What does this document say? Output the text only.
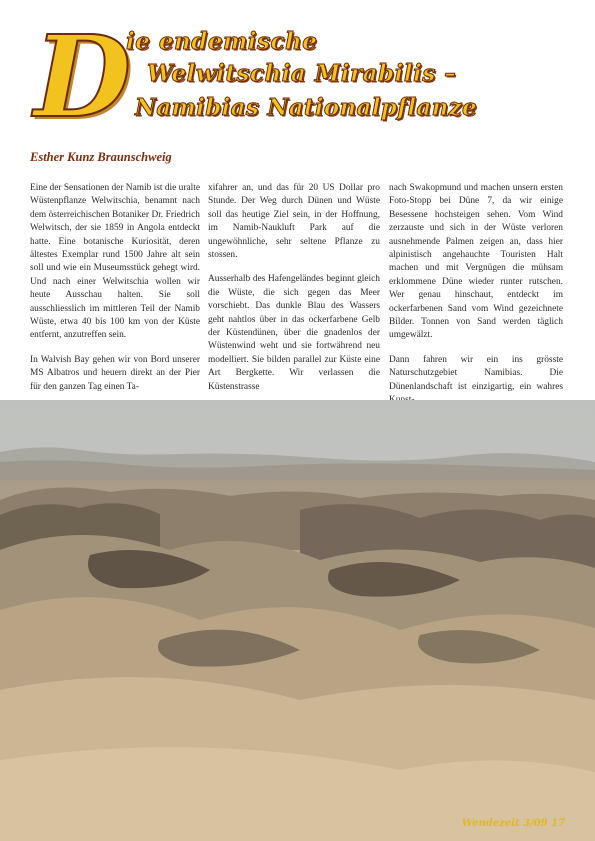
D
ie endemische
Welwitschia Mirabilis –
Namibias Nationalpflanze
Esther Kunz Braunschweig

Eine der Sensationen der Namib ist die uralte Wüstenpflanze Welwitschia, benamnt nach dem österreichischen Botaniker Dr. Friedrich Welwitsch, der sie 1859 in Angola entdeckt hatte. Eine botanische Kuriosität, deren ältestes Exemplar rund 1500 Jahre alt sein soll und wie ein Museumsstück gehegt wird. Und nach einer Welwitschia wollen wir heute Ausschau halten. Sie soll ausschliesslich im mittleren Teil der Namib Wüste, etwa 40 bis 100 km von der Küste entfernt, anzutreffen sein.

In Walvish Bay gehen wir von Bord unserer MS Albatros und heuern direkt an der Pier für den ganzen Tag einen Ta-

xifahrer an, und das für 20 US Dollar pro Stunde. Der Weg durch Dünen und Wüste soll das heutige Ziel sein, in der Hoffnung, im Namib-Naukluft Park auf die ungewöhnliche, sehr seltene Pflanze zu stossen.

Ausserhalb des Hafengeländes beginnt gleich die Wüste, die sich gegen das Meer vorschiebt. Das dunkle Blau des Wassers geht nahtlos über in das ockerfarbene Gelb der Küstendünen, über die gnadenlos der Wüstenwind weht und sie fortwährend neu modelliert. Sie bilden parallel zur Küste eine Art Bergkette. Wir verlassen die Küstenstrasse

nach Swakopmund und machen unsern ersten Foto-Stopp bei Düne 7, da wir einige Besessene hochsteigen sehen. Vom Wind zerzauste und sich in der Wüste verloren ausnehmende Palmen zeigen an, dass hier alpinistisch angehauchte Touristen Halt machen und mit Vergnügen die mühsam erklommene Düne wieder runter rutschen. Wer genau hinschaut, entdeckt im ockerfarbenen Sand vom Wind gezeichnete Bilder. Tonnen von Sand werden täglich umgewälzt.

Dann fahren wir ein ins grösste Naturschutzgebiet Namibias. Die Dünenlandschaft ist einzigartig, ein wahres

Wendezeit 3/09 17
